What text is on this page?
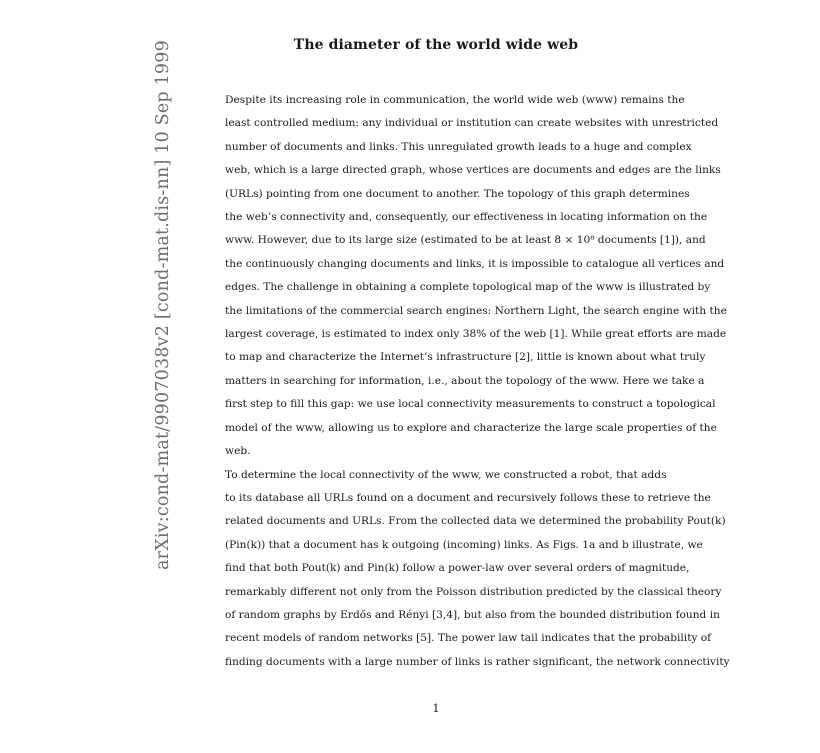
The diameter of the world wide web
arXiv:cond-mat/9907038v2 [cond-mat.dis-nn] 10 Sep 1999	Despite its increasing role in communication, the world wide web (www) remains the
least controlled medium: any individual or institution can create websites with unrestricted
number of documents and links. This unregulated growth leads to a huge and complex
web, which is a large directed graph, whose vertices are documents and edges are the links
(URLs) pointing from one document to another. The topology of this graph determines
the web’s connectivity and, consequently, our effectiveness in locating information on the
www. However, due to its large size (estimated to be at least 8 × 10⁸ documents [1]), and
the continuously changing documents and links, it is impossible to catalogue all vertices and
edges. The challenge in obtaining a complete topological map of the www is illustrated by
the limitations of the commercial search engines: Northern Light, the search engine with the
largest coverage, is estimated to index only 38% of the web [1]. While great efforts are made
to map and characterize the Internet’s infrastructure [2], little is known about what truly
matters in searching for information, i.e., about the topology of the www. Here we take a
first step to fill this gap: we use local connectivity measurements to construct a topological
model of the www, allowing us to explore and characterize the large scale properties of the
web.

To determine the local connectivity of the www, we constructed a robot, that adds
to its database all URLs found on a document and recursively follows these to retrieve the
related documents and URLs. From the collected data we determined the probability Pout(k)
(Pin(k)) that a document has k outgoing (incoming) links. As Figs. 1a and b illustrate, we
find that both Pout(k) and Pin(k) follow a power-law over several orders of magnitude,
remarkably different not only from the Poisson distribution predicted by the classical theory
of random graphs by Erdős and Rényi [3,4], but also from the bounded distribution found in
recent models of random networks [5]. The power law tail indicates that the probability of
finding documents with a large number of links is rather significant, the network connectivity

1
